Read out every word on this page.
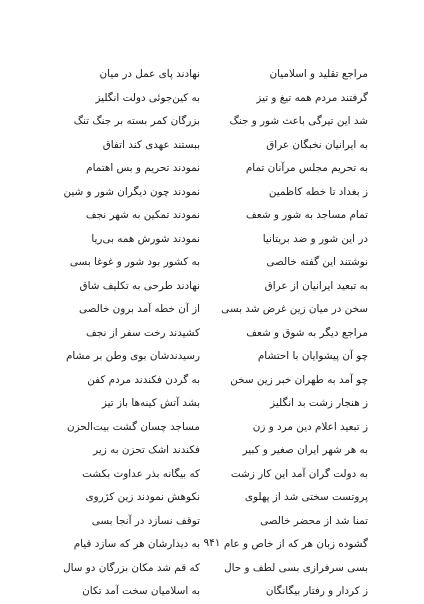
مراجع تقلید و اسلامیان
نهادند پای عمل در میان
گرفتند مردم همه تیغ و تیز
به کین‌جوئی دولت انگلیز
شد این تیرگی باعث شور و جنگ
بزرگان کمر بسته بر جنگ تنگ
به ایرانیان نخبگان عراق
ببستند عهدی کند اتفاق
به تحریم مجلس مرآنان تمام
نمودند تحریم و بس اهتمام
ز بغداد تا خطه کاظمین
نمودند چون دیگران شور و شین
تمام مساجد به شور و شعف
نمودند تمکین به شهر نجف
در این شور و ضد بریتانیا
نمودند شورش همه بی‌ریا
نوشتند این گفته خالصی
به کشور بود شور و غوغا بسی
به تبعید ایرانیان از عراق
نهادند طرحی به تکلیف شاق
سخن در میان زین غرض شد بسی
از آن خطه آمد برون خالصی
مراجع دیگر به شوق و شعف
کشیدند رخت سفر از نجف
چو آن پیشوایان با احتشام
رسیدندشان بوی وطن بر مشام
چو آمد به طهران خبر زین سخن
به گردن فکندند مردم کفن
ز هنجار زشت بد انگلیز
بشد آتش کینه‌ها باز تیز
ز تبعید اعلام دین مرد و زن
مساجد چسان گشت بیت‌الحزن
به هر شهر ایران صغیر و کبیر
فکندند اشک تحزن به زیر
به دولت گران آمد این کار زشت
که بیگانه بذر عداوت بکشت
پروتست سختی شد از پهلوی
نکوهش نمودند زین کژروی
تمنا شد از محضر خالصی
توقف نسازد در آنجا بسی
گشوده زبان هر که از خاص و عام
به دیدارشان هر که سازد قیام
بسی سرفرازی بسی لطف و حال
که قم شد مکان بزرگان دو سال
ز کردار و رفتار بیگانگان
به اسلامیان سخت آمد تکان
۹۴۱
